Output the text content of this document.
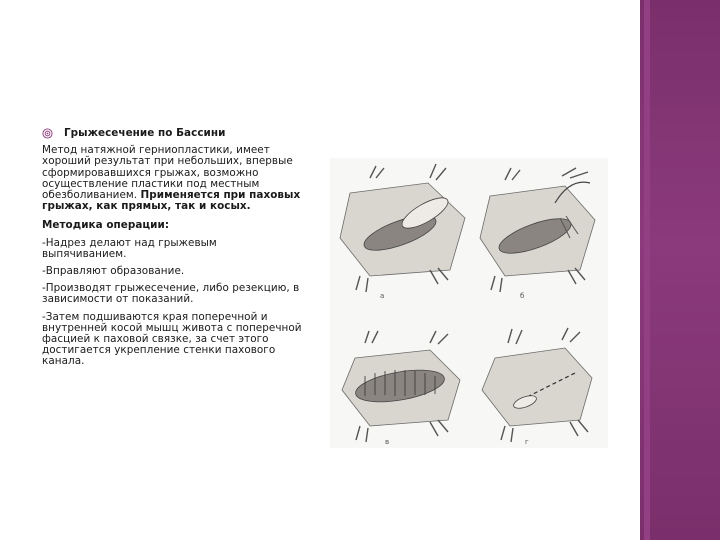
Грыжесечение по Бассини

Метод натяжной герниопластики, имеет хороший результат при небольших, впервые сформировавшихся грыжах, возможно осуществление пластики под местным обезболиванием. Применяется при паховых грыжах, как прямых, так и косых.

Методика операции:

-Надрез делают над грыжевым выпячиванием.

-Вправляют образование.

-Производят грыжесечение, либо резекцию, в зависимости от показаний.

-Затем подшиваются края поперечной и внутренней косой мышц живота с поперечной фасцией к паховой связке, за счет этого достигается укрепление стенки пахового канала.

а	б
в	г
